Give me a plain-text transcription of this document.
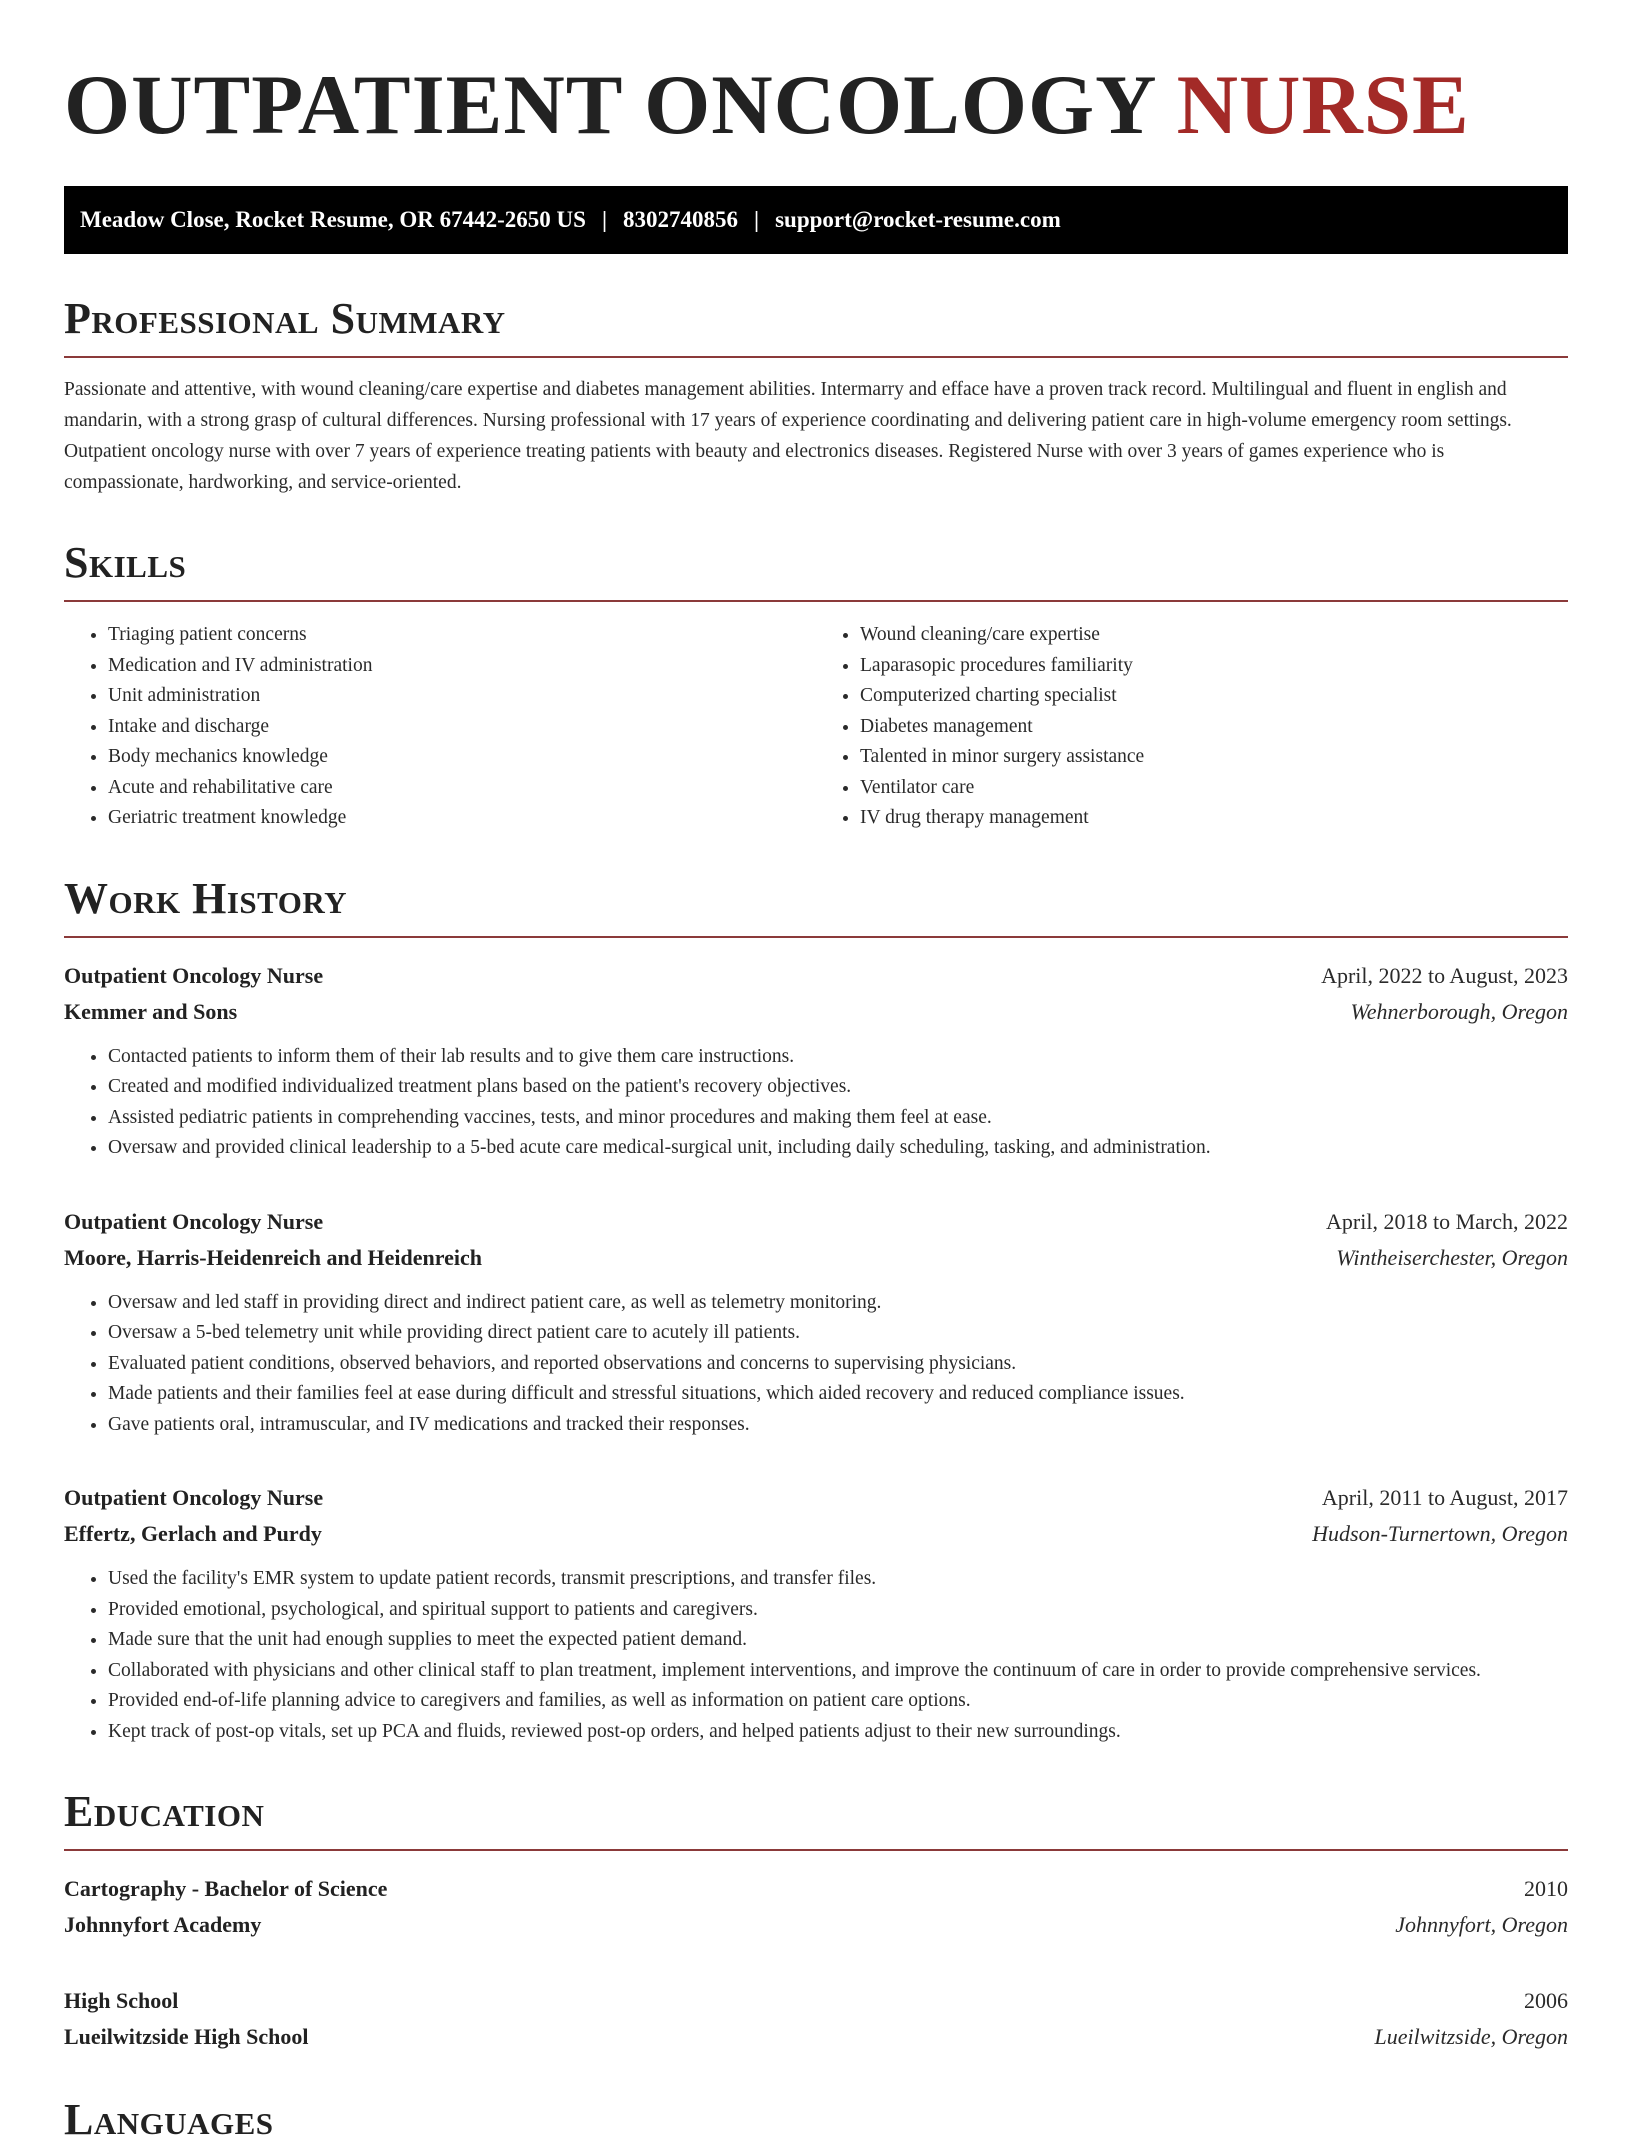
OUTPATIENT ONCOLOGY NURSE
Meadow Close, Rocket Resume, OR 67442-2650 US | 8302740856 | support@rocket-resume.com
Professional Summary

Passionate and attentive, with wound cleaning/care expertise and diabetes management abilities. Intermarry and efface have a proven track record. Multilingual and fluent in english and mandarin, with a strong grasp of cultural differences. Nursing professional with 17 years of experience coordinating and delivering patient care in high-volume emergency room settings. Outpatient oncology nurse with over 7 years of experience treating patients with beauty and electronics diseases. Registered Nurse with over 3 years of games experience who is compassionate, hardworking, and service-oriented.

Skills
• Triaging patient concerns
• Medication and IV administration
• Unit administration
• Intake and discharge
• Body mechanics knowledge
• Acute and rehabilitative care
• Geriatric treatment knowledge
• Wound cleaning/care expertise
• Laparasopic procedures familiarity
• Computerized charting specialist
• Diabetes management
• Talented in minor surgery assistance
• Ventilator care
• IV drug therapy management
Work History
Outpatient Oncology Nurse	April, 2022 to August, 2023
Kemmer and Sons	Wehnerborough, Oregon
• Contacted patients to inform them of their lab results and to give them care instructions.
• Created and modified individualized treatment plans based on the patient's recovery objectives.
• Assisted pediatric patients in comprehending vaccines, tests, and minor procedures and making them feel at ease.
• Oversaw and provided clinical leadership to a 5-bed acute care medical-surgical unit, including daily scheduling, tasking, and administration.
Outpatient Oncology Nurse	April, 2018 to March, 2022
Moore, Harris-Heidenreich and Heidenreich	Wintheiserchester, Oregon
• Oversaw and led staff in providing direct and indirect patient care, as well as telemetry monitoring.
• Oversaw a 5-bed telemetry unit while providing direct patient care to acutely ill patients.
• Evaluated patient conditions, observed behaviors, and reported observations and concerns to supervising physicians.
• Made patients and their families feel at ease during difficult and stressful situations, which aided recovery and reduced compliance issues.
• Gave patients oral, intramuscular, and IV medications and tracked their responses.
Outpatient Oncology Nurse	April, 2011 to August, 2017
Effertz, Gerlach and Purdy	Hudson-Turnertown, Oregon
• Used the facility's EMR system to update patient records, transmit prescriptions, and transfer files.
• Provided emotional, psychological, and spiritual support to patients and caregivers.
• Made sure that the unit had enough supplies to meet the expected patient demand.
• Collaborated with physicians and other clinical staff to plan treatment, implement interventions, and improve the continuum of care in order to provide comprehensive services.
• Provided end-of-life planning advice to caregivers and families, as well as information on patient care options.
• Kept track of post-op vitals, set up PCA and fluids, reviewed post-op orders, and helped patients adjust to their new surroundings.
Education
Cartography - Bachelor of Science	2010
Johnnyfort Academy	Johnnyfort, Oregon
High School	2006
Lueilwitzside High School	Lueilwitzside, Oregon
Languages
